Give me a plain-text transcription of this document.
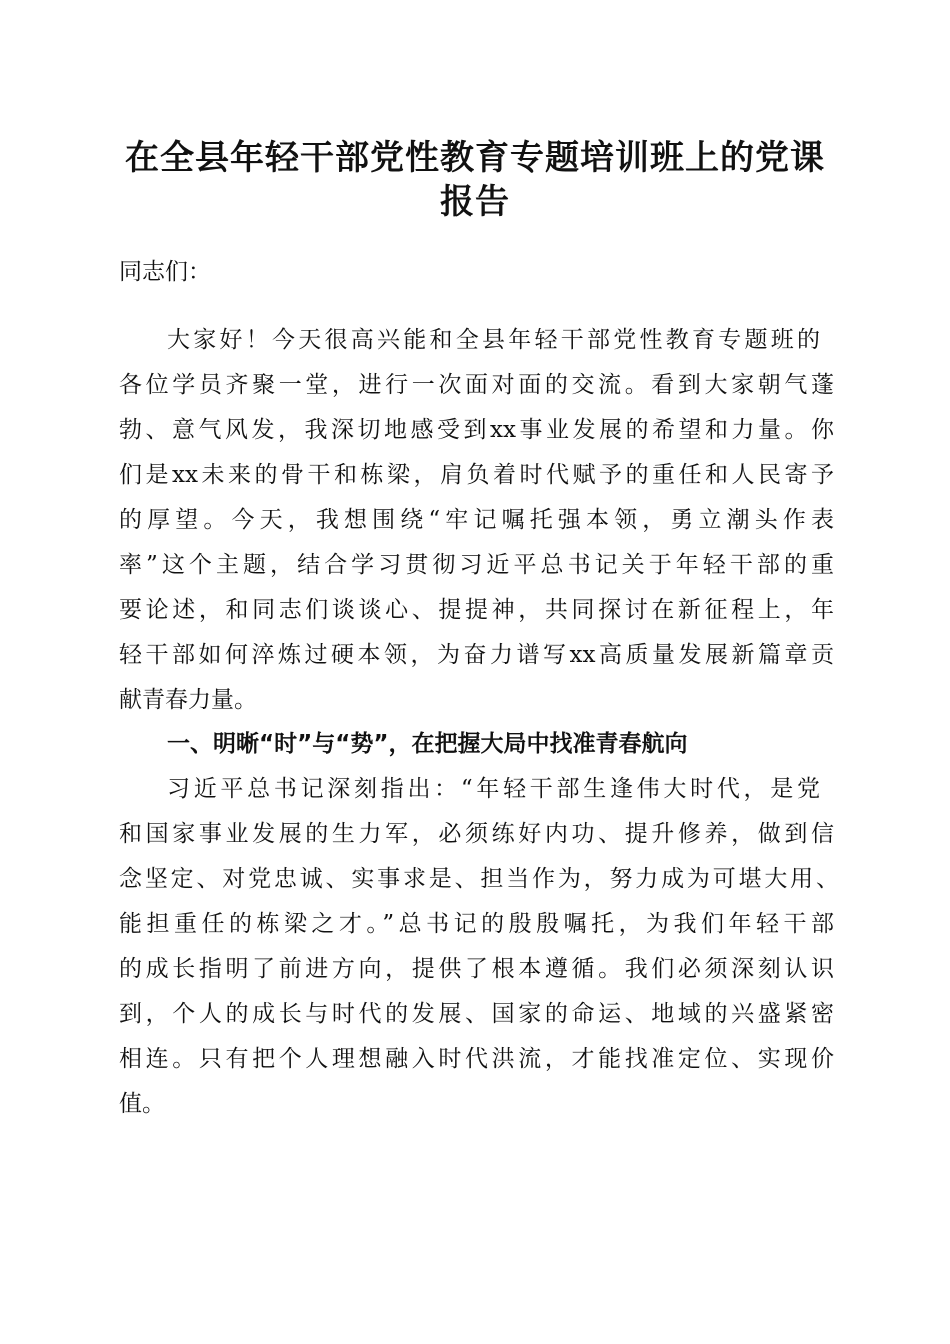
在全县年轻干部党性教育专题培训班上的党课
报告
同志们：
大家好！今天很高兴能和全县年轻干部党性教育专题班的
各位学员齐聚一堂，进行一次面对面的交流。看到大家朝气蓬
勃、意气风发，我深切地感受到xx事业发展的希望和力量。你
们是xx未来的骨干和栋梁，肩负着时代赋予的重任和人民寄予
的厚望。今天，我想围绕“牢记嘱托强本领，勇立潮头作表
率”这个主题，结合学习贯彻习近平总书记关于年轻干部的重
要论述，和同志们谈谈心、提提神，共同探讨在新征程上，年
轻干部如何淬炼过硬本领，为奋力谱写xx高质量发展新篇章贡
献青春力量。
一、明晰“时”与“势”，在把握大局中找准青春航向
习近平总书记深刻指出：“年轻干部生逢伟大时代，是党
和国家事业发展的生力军，必须练好内功、提升修养，做到信
念坚定、对党忠诚、实事求是、担当作为，努力成为可堪大用、
能担重任的栋梁之才。”总书记的殷殷嘱托，为我们年轻干部
的成长指明了前进方向，提供了根本遵循。我们必须深刻认识
到，个人的成长与时代的发展、国家的命运、地域的兴盛紧密
相连。只有把个人理想融入时代洪流，才能找准定位、实现价
值。
